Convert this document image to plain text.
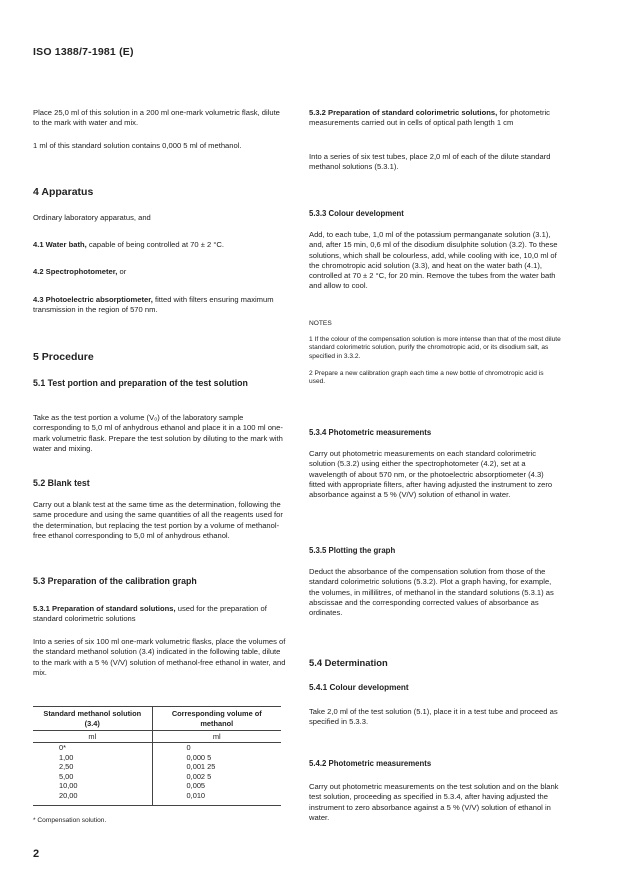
ISO 1388/7-1981 (E)

Place 25,0 ml of this solution in a 200 ml one-mark volumetric flask, dilute to the mark with water and mix.

1 ml of this standard solution contains 0,000 5 ml of methanol.

4 Apparatus
Ordinary laboratory apparatus, and
4.1 Water bath, capable of being controlled at 70 ± 2 °C.
4.2 Spectrophotometer, or
4.3 Photoelectric absorptiometer, fitted with filters ensuring maximum transmission in the region of 570 nm.
5 Procedure
5.1 Test portion and preparation of the test solution
Take as the test portion a volume (V₀) of the laboratory sample corresponding to 5,0 ml of anhydrous ethanol and place it in a 100 ml one-mark volumetric flask. Prepare the test solution by diluting to the mark with water and mixing.
5.2 Blank test
Carry out a blank test at the same time as the determination, following the same procedure and using the same quantities of all the reagents used for the determination, but replacing the test portion by a volume of methanol-free ethanol corresponding to 5,0 ml of anhydrous ethanol.
5.3 Preparation of the calibration graph
5.3.1 Preparation of standard solutions, used for the preparation of standard colorimetric solutions
Into a series of six 100 ml one-mark volumetric flasks, place the volumes of the standard methanol solution (3.4) indicated in the following table, dilute to the mark with a 5 % (V/V) solution of methanol-free ethanol in water, and mix.
Standard methanol solution (3.4)	Corresponding volume of methanol
ml	ml
0*	0
1,00	0,000 5
2,50	0,001 25
5,00	0,002 5
10,00	0,005
20,00	0,010
* Compensation solution.
5.3.2 Preparation of standard colorimetric solutions, for photometric measurements carried out in cells of optical path length 1 cm
Into a series of six test tubes, place 2,0 ml of each of the dilute standard methanol solutions (5.3.1).
5.3.3 Colour development
Add, to each tube, 1,0 ml of the potassium permanganate solution (3.1), and, after 15 min, 0,6 ml of the disodium disulphite solution (3.2). To these solutions, which shall be colourless, add, while cooling with ice, 10,0 ml of the chromotropic acid solution (3.3), and heat on the water bath (4.1), controlled at 70 ± 2 °C, for 20 min. Remove the tubes from the water bath and allow to cool.
NOTES
1 If the colour of the compensation solution is more intense than that of the most dilute standard colorimetric solution, purify the chromotropic acid, or its disodium salt, as specified in 3.3.2.
2 Prepare a new calibration graph each time a new bottle of chromotropic acid is used.
5.3.4 Photometric measurements
Carry out photometric measurements on each standard colorimetric solution (5.3.2) using either the spectrophotometer (4.2), set at a wavelength of about 570 nm, or the photoelectric absorptiometer (4.3) fitted with appropriate filters, after having adjusted the instrument to zero absorbance against a 5 % (V/V) solution of ethanol in water.
5.3.5 Plotting the graph
Deduct the absorbance of the compensation solution from those of the standard colorimetric solutions (5.3.2). Plot a graph having, for example, the volumes, in millilitres, of methanol in the standard solutions (5.3.1) as abscissae and the corresponding corrected values of absorbance as ordinates.
5.4 Determination
5.4.1 Colour development
Take 2,0 ml of the test solution (5.1), place it in a test tube and proceed as specified in 5.3.3.
5.4.2 Photometric measurements
Carry out photometric measurements on the test solution and on the blank test solution, proceeding as specified in 5.3.4, after having adjusted the instrument to zero absorbance against a 5 % (V/V) solution of ethanol in water.
2
